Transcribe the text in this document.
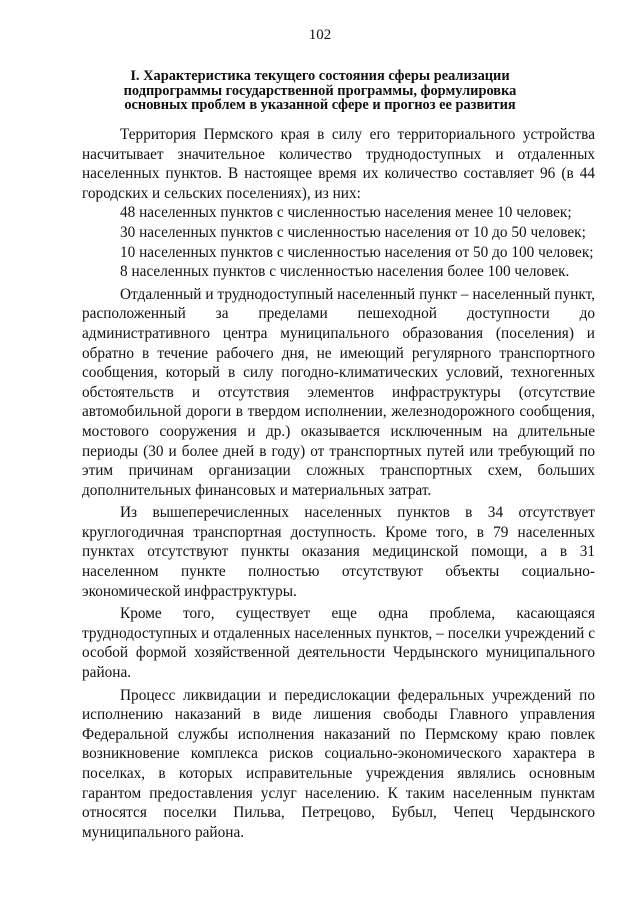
102
I. Характеристика текущего состояния сферы реализации подпрограммы государственной программы, формулировка основных проблем в указанной сфере и прогноз ее развития

Территория Пермского края в силу его территориального устройства насчитывает значительное количество труднодоступных и отдаленных населенных пунктов. В настоящее время их количество составляет 96 (в 44 городских и сельских поселениях), из них:

48 населенных пунктов с численностью населения менее 10 человек;

30 населенных пунктов с численностью населения от 10 до 50 человек;

10 населенных пунктов с численностью населения от 50 до 100 человек;

8 населенных пунктов с численностью населения более 100 человек.

Отдаленный и труднодоступный населенный пункт – населенный пункт, расположенный за пределами пешеходной доступности до административного центра муниципального образования (поселения) и обратно в течение рабочего дня, не имеющий регулярного транспортного сообщения, который в силу погодно-климатических условий, техногенных обстоятельств и отсутствия элементов инфраструктуры (отсутствие автомобильной дороги в твердом исполнении, железнодорожного сообщения, мостового сооружения и др.) оказывается исключенным на длительные периоды (30 и более дней в году) от транспортных путей или требующий по этим причинам организации сложных транспортных схем, больших дополнительных финансовых и материальных затрат.

Из вышеперечисленных населенных пунктов в 34 отсутствует круглогодичная транспортная доступность. Кроме того, в 79 населенных пунктах отсутствуют пункты оказания медицинской помощи, а в 31 населенном пункте полностью отсутствуют объекты социально-экономической инфраструктуры.

Кроме того, существует еще одна проблема, касающаяся труднодоступных и отдаленных населенных пунктов, – поселки учреждений с особой формой хозяйственной деятельности Чердынского муниципального района.

Процесс ликвидации и передислокации федеральных учреждений по исполнению наказаний в виде лишения свободы Главного управления Федеральной службы исполнения наказаний по Пермскому краю повлек возникновение комплекса рисков социально-экономического характера в поселках, в которых исправительные учреждения являлись основным гарантом предоставления услуг населению. К таким населенным пунктам относятся поселки Пильва, Петрецово, Бубыл, Чепец Чердынского муниципального района.
